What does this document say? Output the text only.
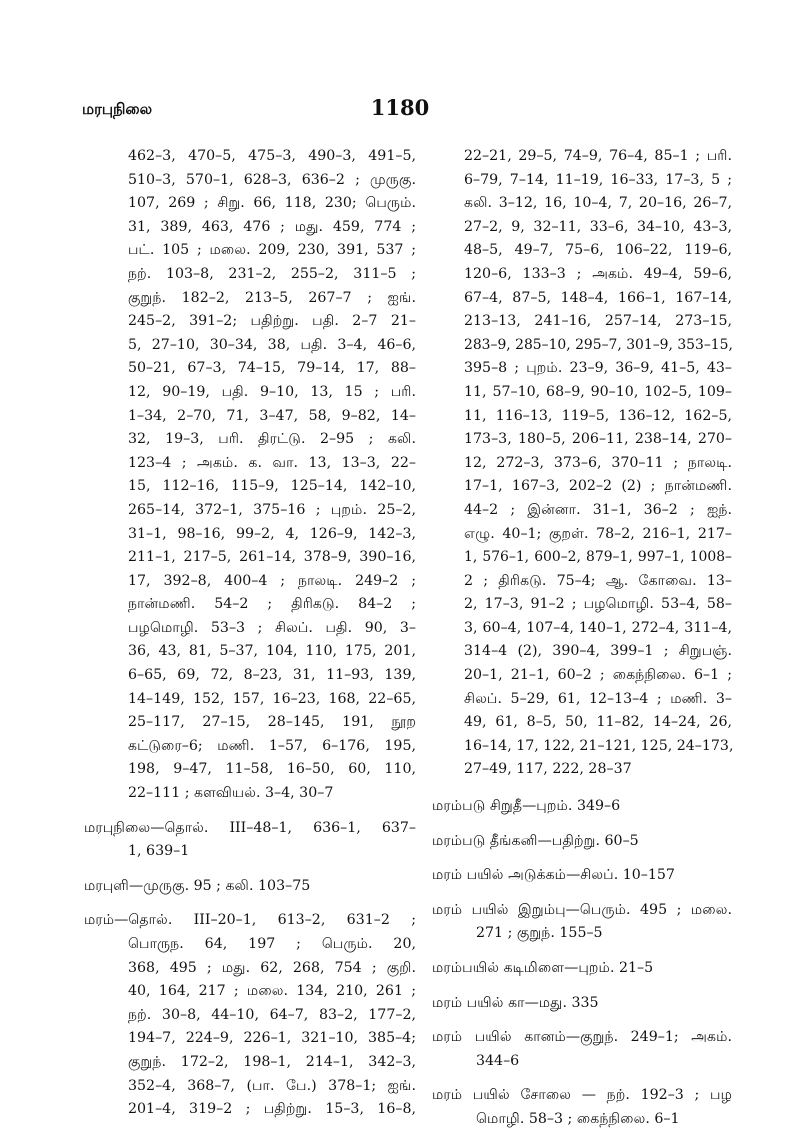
மரபுநிலை	1180
462–3, 470–5, 475–3, 490–3, 491–5,
510–3, 570–1, 628–3, 636–2 ; முருகு.
107, 269 ; சிறு. 66, 118, 230; பெரும்.
31, 389, 463, 476 ; மது. 459, 774 ;
பட். 105 ; மலை. 209, 230, 391, 537 ;
நற். 103–8, 231–2, 255–2, 311–5 ;
குறுந். 182–2, 213–5, 267–7 ; ஐங்.
245–2, 391–2; பதிற்று. பதி. 2–7 21–
5, 27–10, 30–34, 38, பதி. 3–4, 46–6,
50–21, 67–3, 74–15, 79–14, 17, 88–
12, 90–19, பதி. 9–10, 13, 15 ; பரி.
1–34, 2–70, 71, 3–47, 58, 9–82, 14–
32, 19–3, பரி. திரட்டு. 2–95 ; கலி.
123–4 ; அகம். க. வா. 13, 13–3, 22–
15, 112–16, 115–9, 125–14, 142–10,
265–14, 372–1, 375–16 ; புறம். 25–2,
31–1, 98–16, 99–2, 4, 126–9, 142–3,
211–1, 217–5, 261–14, 378–9, 390–16,
17, 392–8, 400–4 ; நாலடி. 249–2 ;
நான்மணி. 54–2 ; திரிகடு. 84–2 ;
பழமொழி. 53–3 ; சிலப். பதி. 90, 3–
36, 43, 81, 5–37, 104, 110, 175, 201,
6–65, 69, 72, 8–23, 31, 11–93, 139,
14–149, 152, 157, 16–23, 168, 22–65,
25–117, 27–15, 28–145, 191, நூற
கட்டுரை–6; மணி. 1–57, 6–176, 195,
198, 9–47, 11–58, 16–50, 60, 110,
22–111 ; களவியல். 3–4, 30–7
மரபுநிலை—தொல். III–48–1, 636–1, 637–
1, 639–1
மரபுளி—முருகு. 95 ; கலி. 103–75
மரம்—தொல். III–20–1, 613–2, 631–2 ;
பொருந. 64, 197 ; பெரும். 20,
368, 495 ; மது. 62, 268, 754 ; குறி.
40, 164, 217 ; மலை. 134, 210, 261 ;
நற். 30–8, 44–10, 64–7, 83–2, 177–2,
194–7, 224–9, 226–1, 321–10, 385–4;
குறுந். 172–2, 198–1, 214–1, 342–3,
352–4, 368–7, (பா. பே.) 378–1; ஐங்.
201–4, 319–2 ; பதிற்று. 15–3, 16–8,
22–21, 29–5, 74–9, 76–4, 85–1 ; பரி.
6–79, 7–14, 11–19, 16–33, 17–3, 5 ;
கலி. 3–12, 16, 10–4, 7, 20–16, 26–7,
27–2, 9, 32–11, 33–6, 34–10, 43–3,
48–5, 49–7, 75–6, 106–22, 119–6,
120–6, 133–3 ; அகம். 49–4, 59–6,
67–4, 87–5, 148–4, 166–1, 167–14,
213–13, 241–16, 257–14, 273–15,
283–9, 285–10, 295–7, 301–9, 353–15,
395–8 ; புறம். 23–9, 36–9, 41–5, 43–
11, 57–10, 68–9, 90–10, 102–5, 109–
11, 116–13, 119–5, 136–12, 162–5,
173–3, 180–5, 206–11, 238–14, 270–
12, 272–3, 373–6, 370–11 ; நாலடி.
17–1, 167–3, 202–2 (2) ; நான்மணி.
44–2 ; இன்னா. 31–1, 36–2 ; ஐந்.
எழு. 40–1; குறள். 78–2, 216–1, 217–
1, 576–1, 600–2, 879–1, 997–1, 1008–
2 ; திரிகடு. 75–4; ஆ. கோவை. 13–
2, 17–3, 91–2 ; பழமொழி. 53–4, 58–
3, 60–4, 107–4, 140–1, 272–4, 311–4,
314–4 (2), 390–4, 399–1 ; சிறுபஞ்.
20–1, 21–1, 60–2 ; கைந்நிலை. 6–1 ;
சிலப். 5–29, 61, 12–13–4 ; மணி. 3–
49, 61, 8–5, 50, 11–82, 14–24, 26,
16–14, 17, 122, 21–121, 125, 24–173,
27–49, 117, 222, 28–37
மரம்படு சிறுதீ—புறம். 349–6
மரம்படு தீங்கனி—பதிற்று. 60–5
மரம் பயில் அடுக்கம்—சிலப். 10–157
மரம் பயில் இறும்பு—பெரும். 495 ; மலை.
271 ; குறுந். 155–5
மரம்பயில் கடிமிளை—புறம். 21–5
மரம் பயில் கா—மது. 335
மரம் பயில் கானம்—குறுந். 249–1; அகம்.
344–6
மரம் பயில் சோலை — நற். 192–3 ; பழ
மொழி. 58–3 ; கைந்நிலை. 6–1
